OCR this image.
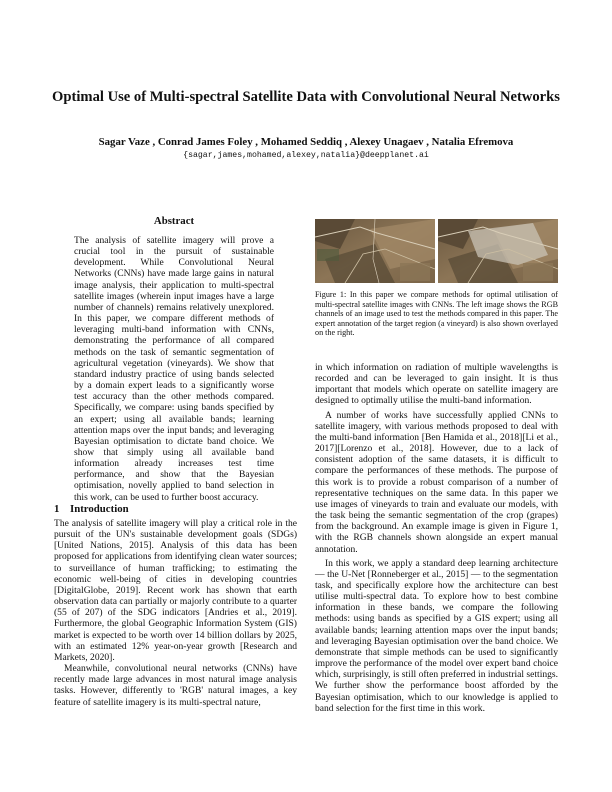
Optimal Use of Multi-spectral Satellite Data with Convolutional Neural Networks
Sagar Vaze , Conrad James Foley , Mohamed Seddiq , Alexey Unagaev , Natalia Efremova
{sagar,james,mohamed,alexey,natalia}@deepplanet.ai
Abstract
The analysis of satellite imagery will prove a crucial tool in the pursuit of sustainable development. While Convolutional Neural Networks (CNNs) have made large gains in natural image analysis, their application to multi-spectral satellite images (wherein input images have a large number of channels) remains relatively unexplored. In this paper, we compare different methods of leveraging multi-band information with CNNs, demonstrating the performance of all compared methods on the task of semantic segmentation of agricultural vegetation (vineyards). We show that standard industry practice of using bands selected by a domain expert leads to a significantly worse test accuracy than the other methods compared. Specifically, we compare: using bands specified by an expert; using all available bands; learning attention maps over the input bands; and leveraging Bayesian optimisation to dictate band choice. We show that simply using all available band information already increases test time performance, and show that the Bayesian optimisation, novelly applied to band selection in this work, can be used to further boost accuracy.
1 Introduction

The analysis of satellite imagery will play a critical role in the pursuit of the UN's sustainable development goals (SDGs) [United Nations, 2015]. Analysis of this data has been proposed for applications from identifying clean water sources; to surveillance of human trafficking; to estimating the economic well-being of cities in developing countries [DigitalGlobe, 2019]. Recent work has shown that earth observation data can partially or majorly contribute to a quarter (55 of 207) of the SDG indicators [Andries et al., 2019]. Furthermore, the global Geographic Information System (GIS) market is expected to be worth over 14 billion dollars by 2025, with an estimated 12% year-on-year growth [Research and Markets, 2020].

Meanwhile, convolutional neural networks (CNNs) have recently made large advances in most natural image analysis tasks. However, differently to 'RGB' natural images, a key feature of satellite imagery is its multi-spectral nature,

Figure 1: In this paper we compare methods for optimal utilisation of multi-spectral satellite images with CNNs. The left image shows the RGB channels of an image used to test the methods compared in this paper. The expert annotation of the target region (a vineyard) is also shown overlayed on the right.

in which information on radiation of multiple wavelengths is recorded and can be leveraged to gain insight. It is thus important that models which operate on satellite imagery are designed to optimally utilise the multi-band information.

A number of works have successfully applied CNNs to satellite imagery, with various methods proposed to deal with the multi-band information [Ben Hamida et al., 2018][Li et al., 2017][Lorenzo et al., 2018]. However, due to a lack of consistent adoption of the same datasets, it is difficult to compare the performances of these methods. The purpose of this work is to provide a robust comparison of a number of representative techniques on the same data. In this paper we use images of vineyards to train and evaluate our models, with the task being the semantic segmentation of the crop (grapes) from the background. An example image is given in Figure 1, with the RGB channels shown alongside an expert manual annotation.

In this work, we apply a standard deep learning architecture — the U-Net [Ronneberger et al., 2015] — to the segmentation task, and specifically explore how the architecture can best utilise multi-spectral data. To explore how to best combine information in these bands, we compare the following methods: using bands as specified by a GIS expert; using all available bands; learning attention maps over the input bands; and leveraging Bayesian optimisation over the band choice. We demonstrate that simple methods can be used to significantly improve the performance of the model over expert band choice which, surprisingly, is still often preferred in industrial settings. We further show the performance boost afforded by the Bayesian optimisation, which to our knowledge is applied to band selection for the first time in this work.
